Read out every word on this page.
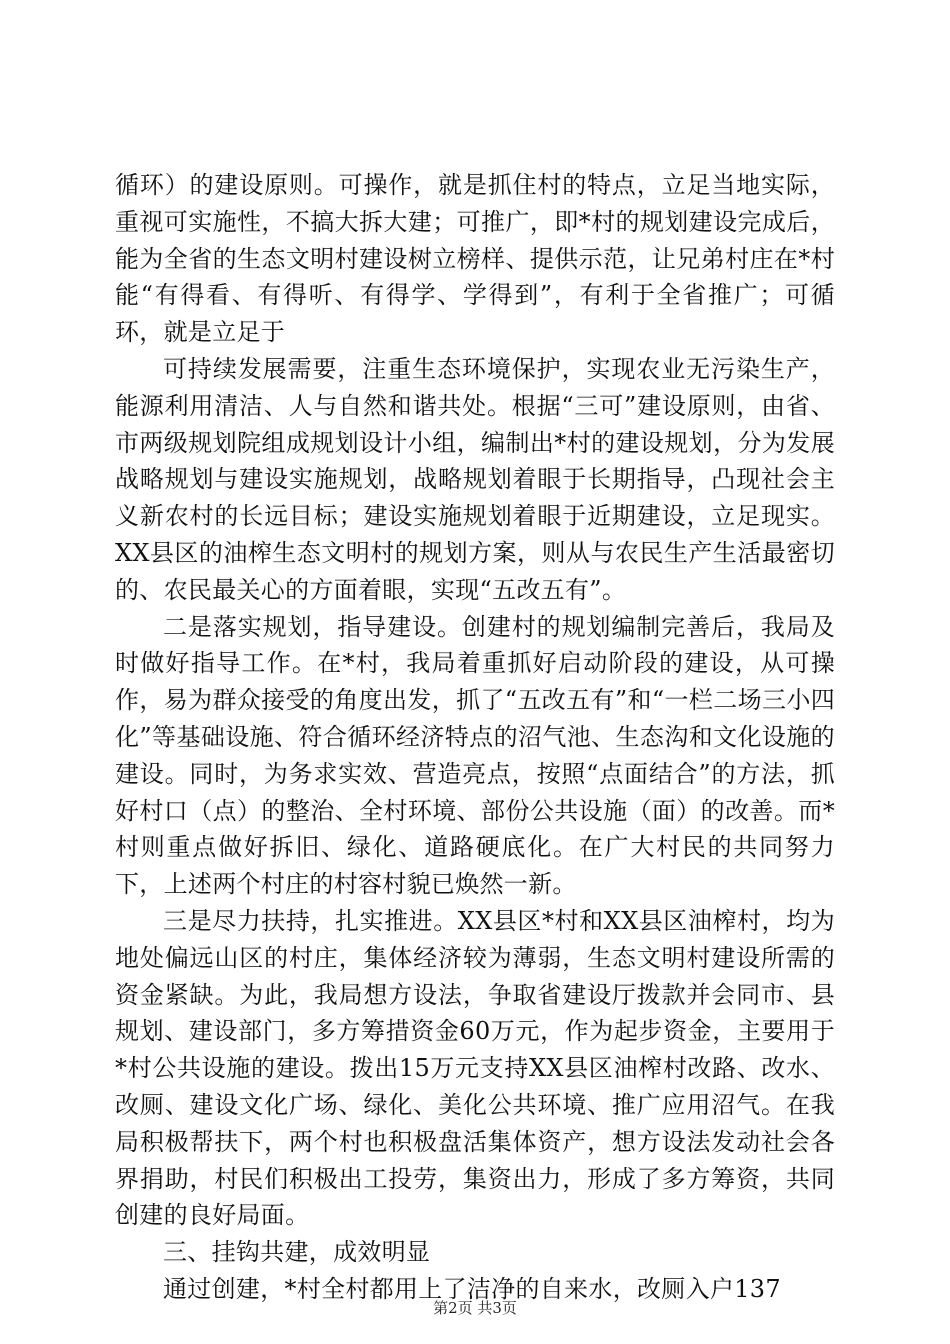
循环）的建设原则。可操作，就是抓住村的特点，立足当地实际，重视可实施性，不搞大拆大建；可推广，即*村的规划建设完成后，能为全省的生态文明村建设树立榜样、提供示范，让兄弟村庄在*村能“有得看、有得听、有得学、学得到”，有利于全省推广；可循环，就是立足于

可持续发展需要，注重生态环境保护，实现农业无污染生产，能源利用清洁、人与自然和谐共处。根据“三可”建设原则，由省、市两级规划院组成规划设计小组，编制出*村的建设规划，分为发展战略规划与建设实施规划，战略规划着眼于长期指导，凸现社会主义新农村的长远目标；建设实施规划着眼于近期建设，立足现实。XX县区的油榨生态文明村的规划方案，则从与农民生产生活最密切的、农民最关心的方面着眼，实现“五改五有”。

二是落实规划，指导建设。创建村的规划编制完善后，我局及时做好指导工作。在*村，我局着重抓好启动阶段的建设，从可操作，易为群众接受的角度出发，抓了“五改五有”和“一栏二场三小四化”等基础设施、符合循环经济特点的沼气池、生态沟和文化设施的建设。同时，为务求实效、营造亮点，按照“点面结合”的方法，抓好村口（点）的整治、全村环境、部份公共设施（面）的改善。而*村则重点做好拆旧、绿化、道路硬底化。在广大村民的共同努力下，上述两个村庄的村容村貌已焕然一新。

三是尽力扶持，扎实推进。XX县区*村和XX县区油榨村，均为地处偏远山区的村庄，集体经济较为薄弱，生态文明村建设所需的资金紧缺。为此，我局想方设法，争取省建设厅拨款并会同市、县规划、建设部门，多方筹措资金60万元，作为起步资金，主要用于*村公共设施的建设。拨出15万元支持XX县区油榨村改路、改水、改厕、建设文化广场、绿化、美化公共环境、推广应用沼气。在我局积极帮扶下，两个村也积极盘活集体资产，想方设法发动社会各界捐助，村民们积极出工投劳，集资出力，形成了多方筹资，共同创建的良好局面。

三、挂钩共建，成效明显

通过创建，*村全村都用上了洁净的自来水，改厕入户137

第2页 共3页
